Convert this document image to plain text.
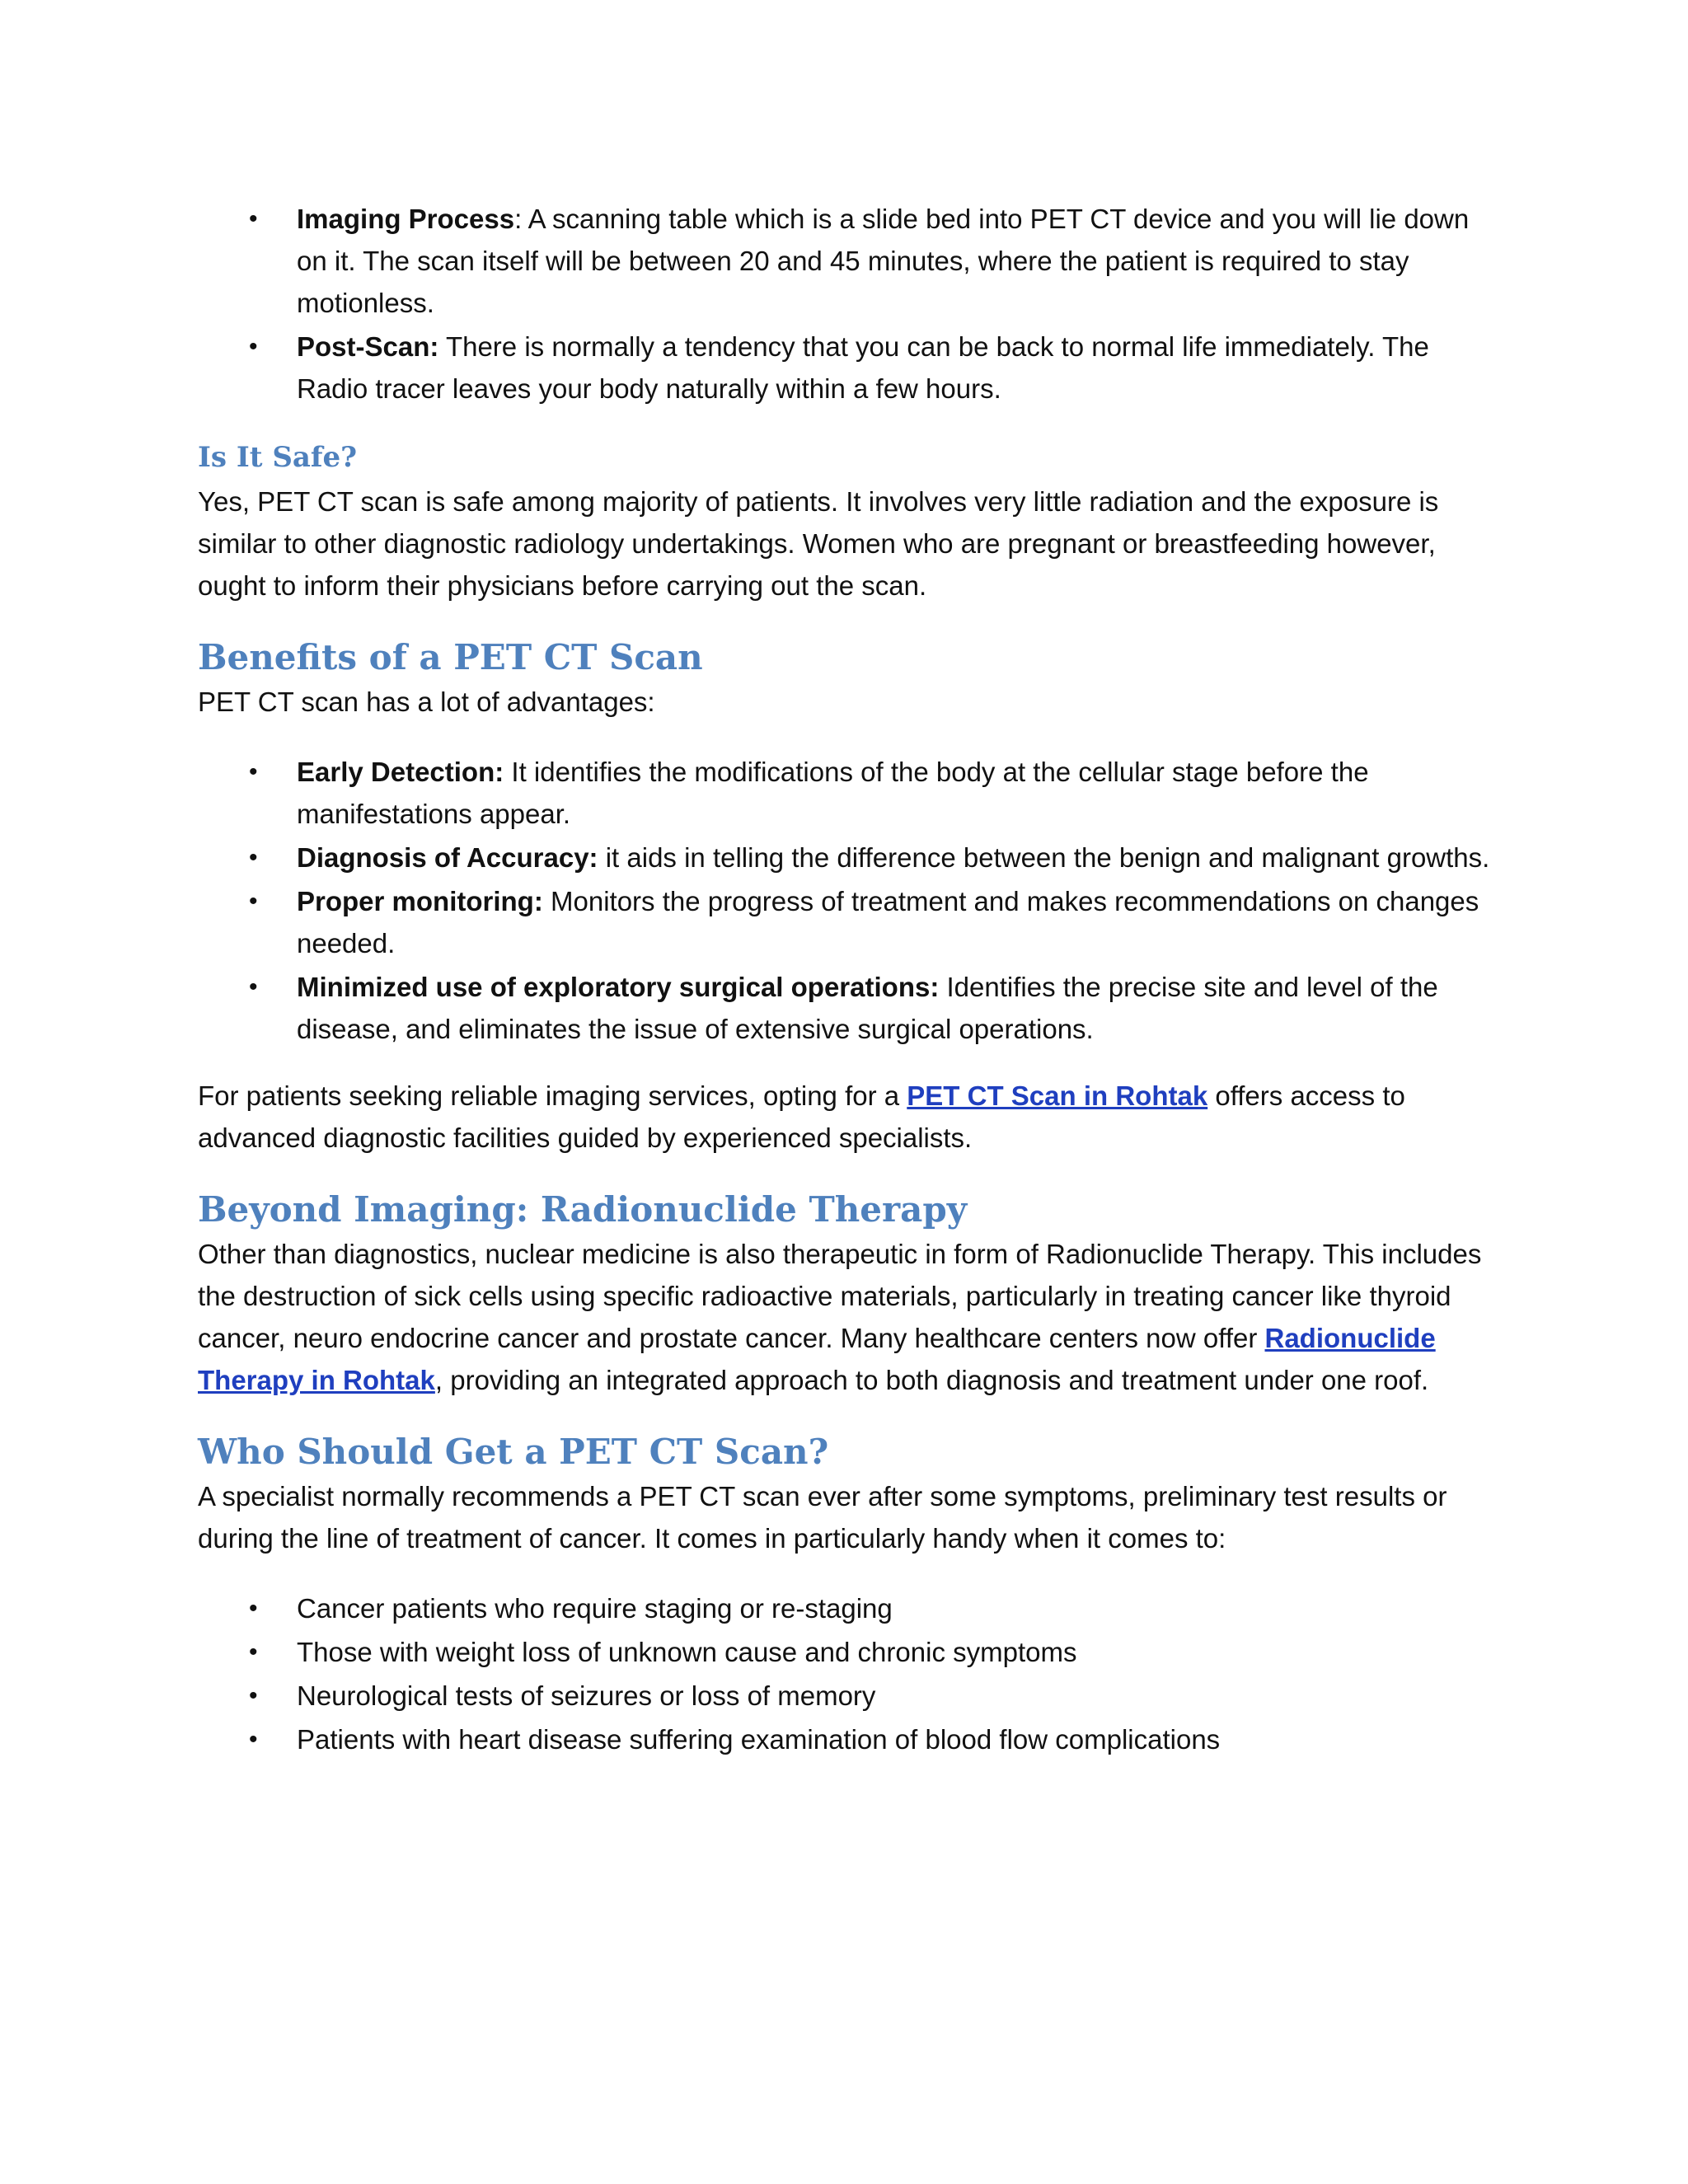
• Imaging Process: A scanning table which is a slide bed into PET CT device and you will lie down on it. The scan itself will be between 20 and 45 minutes, where the patient is required to stay motionless.
• Post-Scan: There is normally a tendency that you can be back to normal life immediately. The Radio tracer leaves your body naturally within a few hours.
Is It Safe?

Yes, PET CT scan is safe among majority of patients. It involves very little radiation and the exposure is similar to other diagnostic radiology undertakings. Women who are pregnant or breastfeeding however, ought to inform their physicians before carrying out the scan.

Benefits of a PET CT Scan

PET CT scan has a lot of advantages:

• Early Detection: It identifies the modifications of the body at the cellular stage before the manifestations appear.
• Diagnosis of Accuracy: it aids in telling the difference between the benign and malignant growths.
• Proper monitoring: Monitors the progress of treatment and makes recommendations on changes needed.
• Minimized use of exploratory surgical operations: Identifies the precise site and level of the disease, and eliminates the issue of extensive surgical operations.

For patients seeking reliable imaging services, opting for a PET CT Scan in Rohtak offers access to advanced diagnostic facilities guided by experienced specialists.

Beyond Imaging: Radionuclide Therapy

Other than diagnostics, nuclear medicine is also therapeutic in form of Radionuclide Therapy. This includes the destruction of sick cells using specific radioactive materials, particularly in treating cancer like thyroid cancer, neuro endocrine cancer and prostate cancer. Many healthcare centers now offer Radionuclide Therapy in Rohtak, providing an integrated approach to both diagnosis and treatment under one roof.

Who Should Get a PET CT Scan?

A specialist normally recommends a PET CT scan ever after some symptoms, preliminary test results or during the line of treatment of cancer. It comes in particularly handy when it comes to:

• Cancer patients who require staging or re-staging
• Those with weight loss of unknown cause and chronic symptoms
• Neurological tests of seizures or loss of memory
• Patients with heart disease suffering examination of blood flow complications
